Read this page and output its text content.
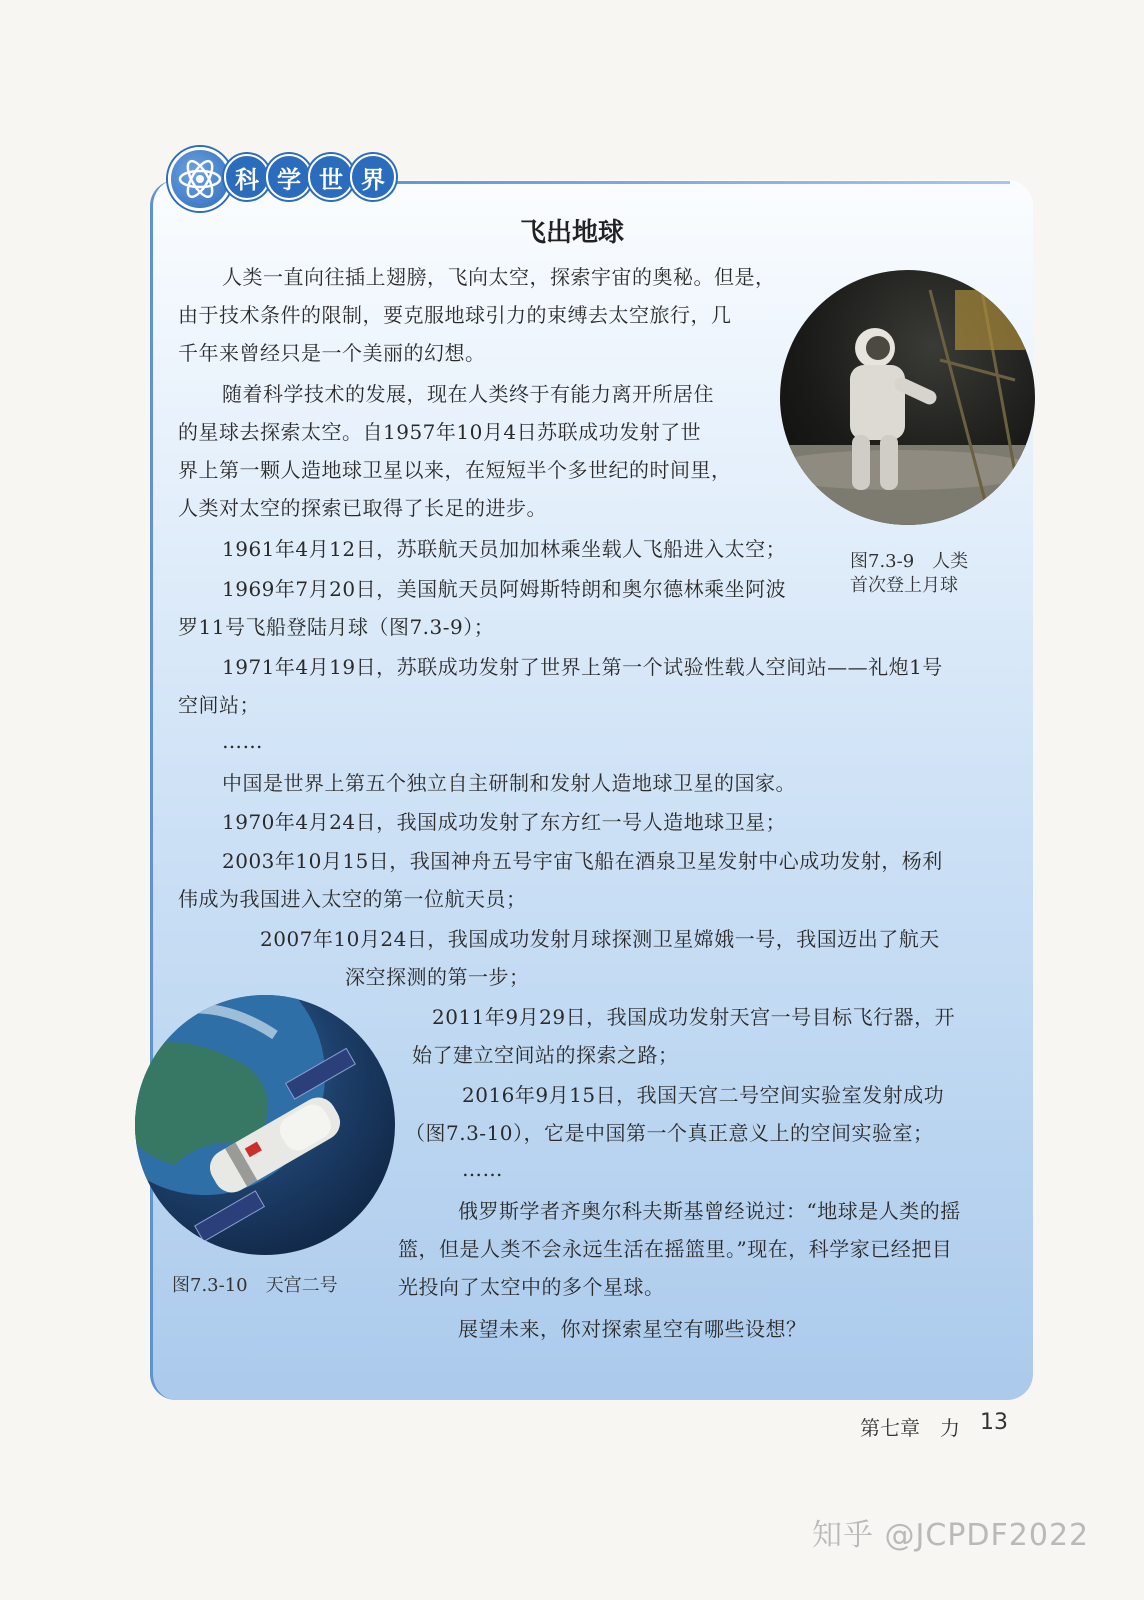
科 学 世 界
飞出地球
图7.3-9　人类
首次登上月球
图7.3-10　天宫二号
人类一直向往插上翅膀，飞向太空，探索宇宙的奥秘。但是，
由于技术条件的限制，要克服地球引力的束缚去太空旅行，几
千年来曾经只是一个美丽的幻想。
随着科学技术的发展，现在人类终于有能力离开所居住
的星球去探索太空。自1957年10月4日苏联成功发射了世
界上第一颗人造地球卫星以来，在短短半个多世纪的时间里，
人类对太空的探索已取得了长足的进步。
1961年4月12日，苏联航天员加加林乘坐载人飞船进入太空；
1969年7月20日，美国航天员阿姆斯特朗和奥尔德林乘坐阿波
罗11号飞船登陆月球（图7.3-9）；
1971年4月19日，苏联成功发射了世界上第一个试验性载人空间站——礼炮1号
空间站；
……
中国是世界上第五个独立自主研制和发射人造地球卫星的国家。
1970年4月24日，我国成功发射了东方红一号人造地球卫星；
2003年10月15日，我国神舟五号宇宙飞船在酒泉卫星发射中心成功发射，杨利
伟成为我国进入太空的第一位航天员；
2007年10月24日，我国成功发射月球探测卫星嫦娥一号，我国迈出了航天
深空探测的第一步；
2011年9月29日，我国成功发射天宫一号目标飞行器，开
始了建立空间站的探索之路；
2016年9月15日，我国天宫二号空间实验室发射成功
（图7.3-10），它是中国第一个真正意义上的空间实验室；
……
俄罗斯学者齐奥尔科夫斯基曾经说过：“地球是人类的摇
篮，但是人类不会永远生活在摇篮里。”现在，科学家已经把目
光投向了太空中的多个星球。
展望未来，你对探索星空有哪些设想？
第七章　力 13
知乎 @JCPDF2022
